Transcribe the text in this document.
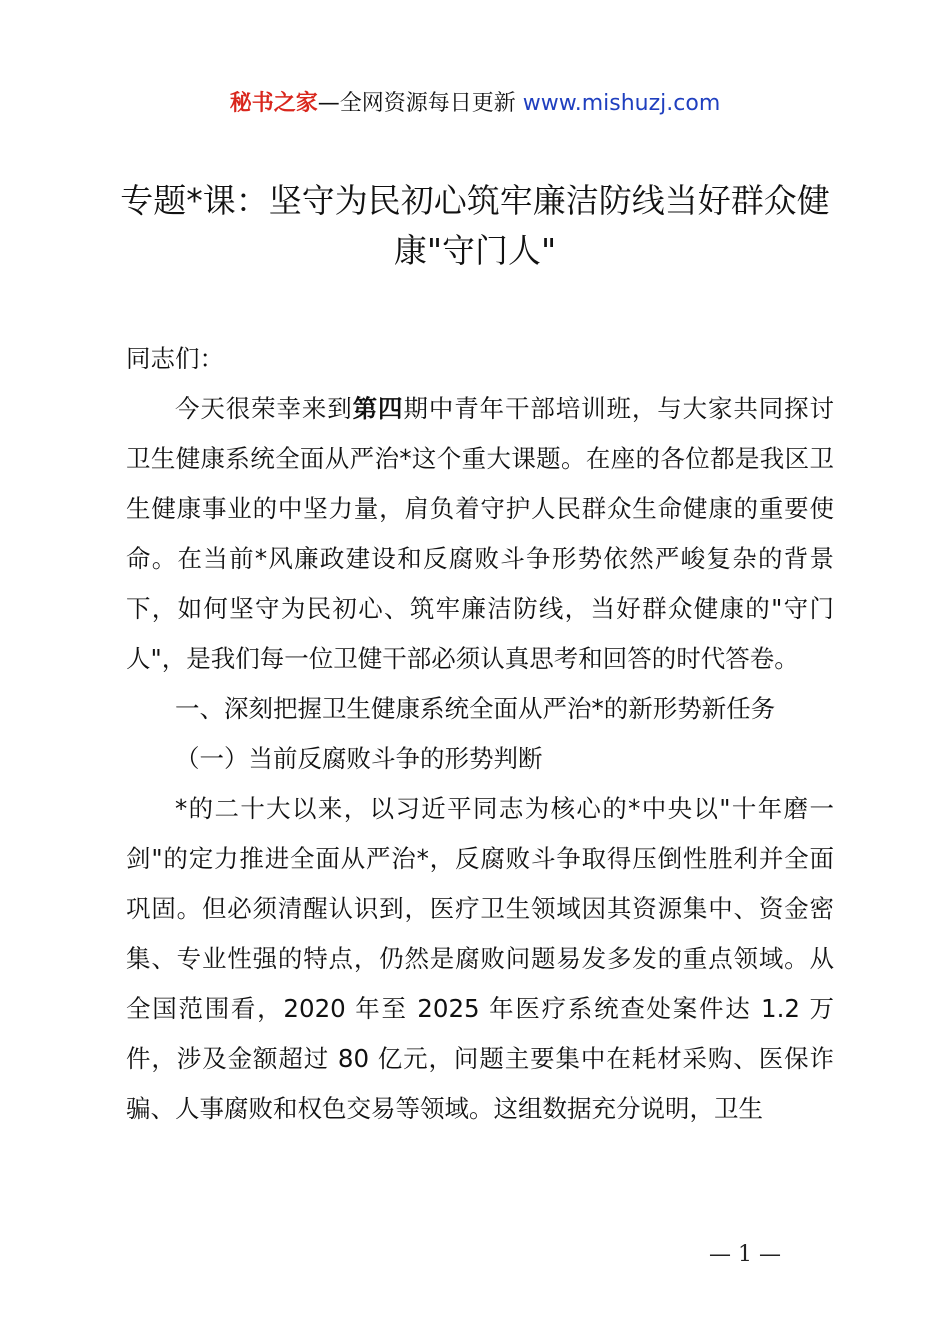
秘书之家—全网资源每日更新 www.mishuzj.com
专题*课：坚守为民初心筑牢廉洁防线当好群众健康"守门人"

同志们：

今天很荣幸来到第四期中青年干部培训班，与大家共同探讨卫生健康系统全面从严治*这个重大课题。在座的各位都是我区卫生健康事业的中坚力量，肩负着守护人民群众生命健康的重要使命。在当前*风廉政建设和反腐败斗争形势依然严峻复杂的背景下，如何坚守为民初心、筑牢廉洁防线，当好群众健康的"守门人"，是我们每一位卫健干部必须认真思考和回答的时代答卷。

一、深刻把握卫生健康系统全面从严治*的新形势新任务

（一）当前反腐败斗争的形势判断

*的二十大以来，以习近平同志为核心的*中央以"十年磨一剑"的定力推进全面从严治*，反腐败斗争取得压倒性胜利并全面巩固。但必须清醒认识到，医疗卫生领域因其资源集中、资金密集、专业性强的特点，仍然是腐败问题易发多发的重点领域。从全国范围看，2020 年至 2025 年医疗系统查处案件达 1.2 万件，涉及金额超过 80 亿元，问题主要集中在耗材采购、医保诈骗、人事腐败和权色交易等领域。这组数据充分说明，卫生

— 1 —
